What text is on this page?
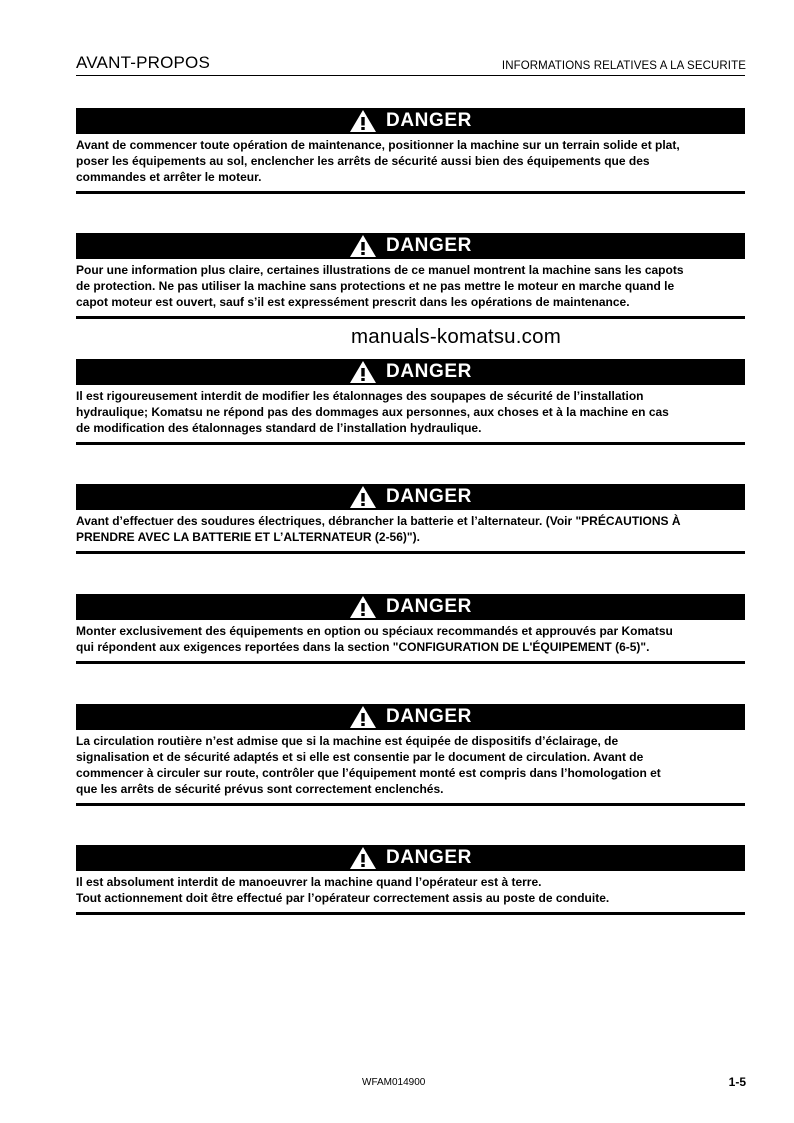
AVANT-PROPOS	INFORMATIONS RELATIVES A LA SECURITE
manuals-komatsu.com
WFAM014900	1-5
DANGER
Avant de commencer toute opération de maintenance, positionner la machine sur un terrain solide et plat,
poser les équipements au sol, enclencher les arrêts de sécurité aussi bien des équipements que des
commandes et arrêter le moteur.
DANGER
Pour une information plus claire, certaines illustrations de ce manuel montrent la machine sans les capots
de protection. Ne pas utiliser la machine sans protections et ne pas mettre le moteur en marche quand le
capot moteur est ouvert, sauf s’il est expressément prescrit dans les opérations de maintenance.
DANGER
Il est rigoureusement interdit de modifier les étalonnages des soupapes de sécurité de l’installation
hydraulique; Komatsu ne répond pas des dommages aux personnes, aux choses et à la machine en cas
de modification des étalonnages standard de l’installation hydraulique.
DANGER
Avant d’effectuer des soudures électriques, débrancher la batterie et l’alternateur. (Voir "PRÉCAUTIONS À
PRENDRE AVEC LA BATTERIE ET L’ALTERNATEUR (2-56)").
DANGER
Monter exclusivement des équipements en option ou spéciaux recommandés et approuvés par Komatsu
qui répondent aux exigences reportées dans la section "CONFIGURATION DE L'ÉQUIPEMENT (6-5)".
DANGER
La circulation routière n’est admise que si la machine est équipée de dispositifs d’éclairage, de
signalisation et de sécurité adaptés et si elle est consentie par le document de circulation. Avant de
commencer à circuler sur route, contrôler que l’équipement monté est compris dans l’homologation et
que les arrêts de sécurité prévus sont correctement enclenchés.
DANGER
Il est absolument interdit de manoeuvrer la machine quand l’opérateur est à terre.
Tout actionnement doit être effectué par l’opérateur correctement assis au poste de conduite.
